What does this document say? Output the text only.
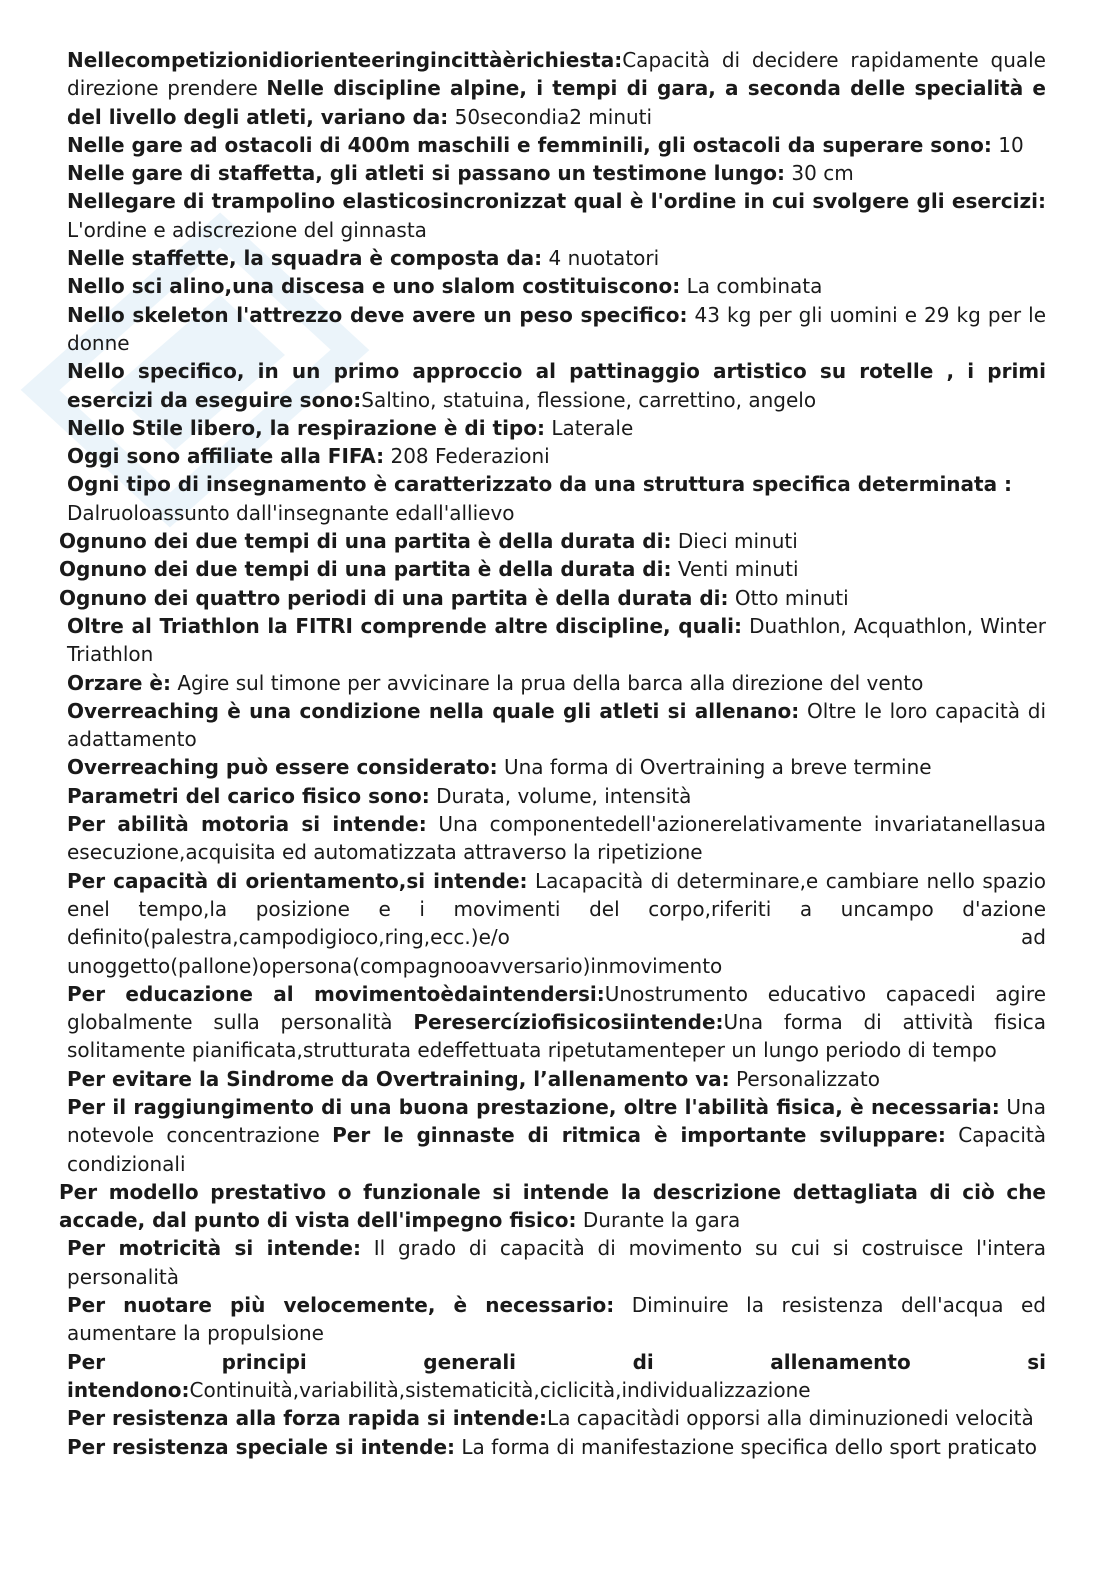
Nellecompetizionidiorienteeringincittàèrichiesta:Capacità di decidere rapidamente quale direzione prendere Nelle discipline alpine, i tempi di gara, a seconda delle specialità e del livello degli atleti, variano da: 50secondia2 minuti
Nelle gare ad ostacoli di 400m maschili e femminili, gli ostacoli da superare sono: 10
Nelle gare di staffetta, gli atleti si passano un testimone lungo: 30 cm
Nellegare di trampolino elasticosincronizzat qual è l'ordine in cui svolgere gli esercizi: L'ordine e adiscrezione del ginnasta
Nelle staffette, la squadra è composta da: 4 nuotatori
Nello sci alino,una discesa e uno slalom costituiscono: La combinata
Nello skeleton l'attrezzo deve avere un peso specifico: 43 kg per gli uomini e 29 kg per le donne
Nello specifico, in un primo approccio al pattinaggio artistico su rotelle , i primi esercizi da eseguire sono:Saltino, statuina, flessione, carrettino, angelo
Nello Stile libero, la respirazione è di tipo: Laterale
Oggi sono affiliate alla FIFA: 208 Federazioni
Ogni tipo di insegnamento è caratterizzato da una struttura specifica determinata :
Dalruoloassunto dall'insegnante edall'allievo
Ognuno dei due tempi di una partita è della durata di: Dieci minuti
Ognuno dei due tempi di una partita è della durata di: Venti minuti
Ognuno dei quattro periodi di una partita è della durata di: Otto minuti
Oltre al Triathlon la FITRI comprende altre discipline, quali: Duathlon, Acquathlon, Winter Triathlon
Orzare è: Agire sul timone per avvicinare la prua della barca alla direzione del vento
Overreaching è una condizione nella quale gli atleti si allenano: Oltre le loro capacità di adattamento
Overreaching può essere considerato: Una forma di Overtraining a breve termine
Parametri del carico fisico sono: Durata, volume, intensità
Per abilità motoria si intende: Una componentedell'azionerelativamente invariatanellasua esecuzione,acquisita ed automatizzata attraverso la ripetizione
Per capacità di orientamento,si intende: Lacapacità di determinare,e cambiare nello spazio enel tempo,la posizione e i movimenti del corpo,riferiti a uncampo d'azione definito(palestra,campodigioco,ring,ecc.)e/o	ad
unoggetto(pallone)opersona(compagnooavversario)inmovimento
Per educazione al movimentoèdaintendersi:Unostrumento educativo capacedi agire globalmente sulla personalità Peresercíziofisicosiintende:Una forma di attività fisica solitamente pianificata,strutturata edeffettuata ripetutamenteper un lungo periodo di tempo
Per evitare la Sindrome da Overtraining, l’allenamento va: Personalizzato
Per il raggiungimento di una buona prestazione, oltre l'abilità fisica, è necessaria: Una notevole concentrazione Per le ginnaste di ritmica è importante sviluppare: Capacità condizionali
Per modello prestativo o funzionale si intende la descrizione dettagliata di ciò che accade, dal punto di vista dell'impegno fisico: Durante la gara
Per motricità si intende: Il grado di capacità di movimento su cui si costruisce l'intera personalità
Per nuotare più velocemente, è necessario: Diminuire la resistenza dell'acqua ed aumentare la propulsione
Per principi generali di allenamento si intendono:Continuità,variabilità,sistematicità,ciclicità,individualizzazione
Per resistenza alla forza rapida si intende:La capacitàdi opporsi alla diminuzionedi velocità
Per resistenza speciale si intende: La forma di manifestazione specifica dello sport praticato
